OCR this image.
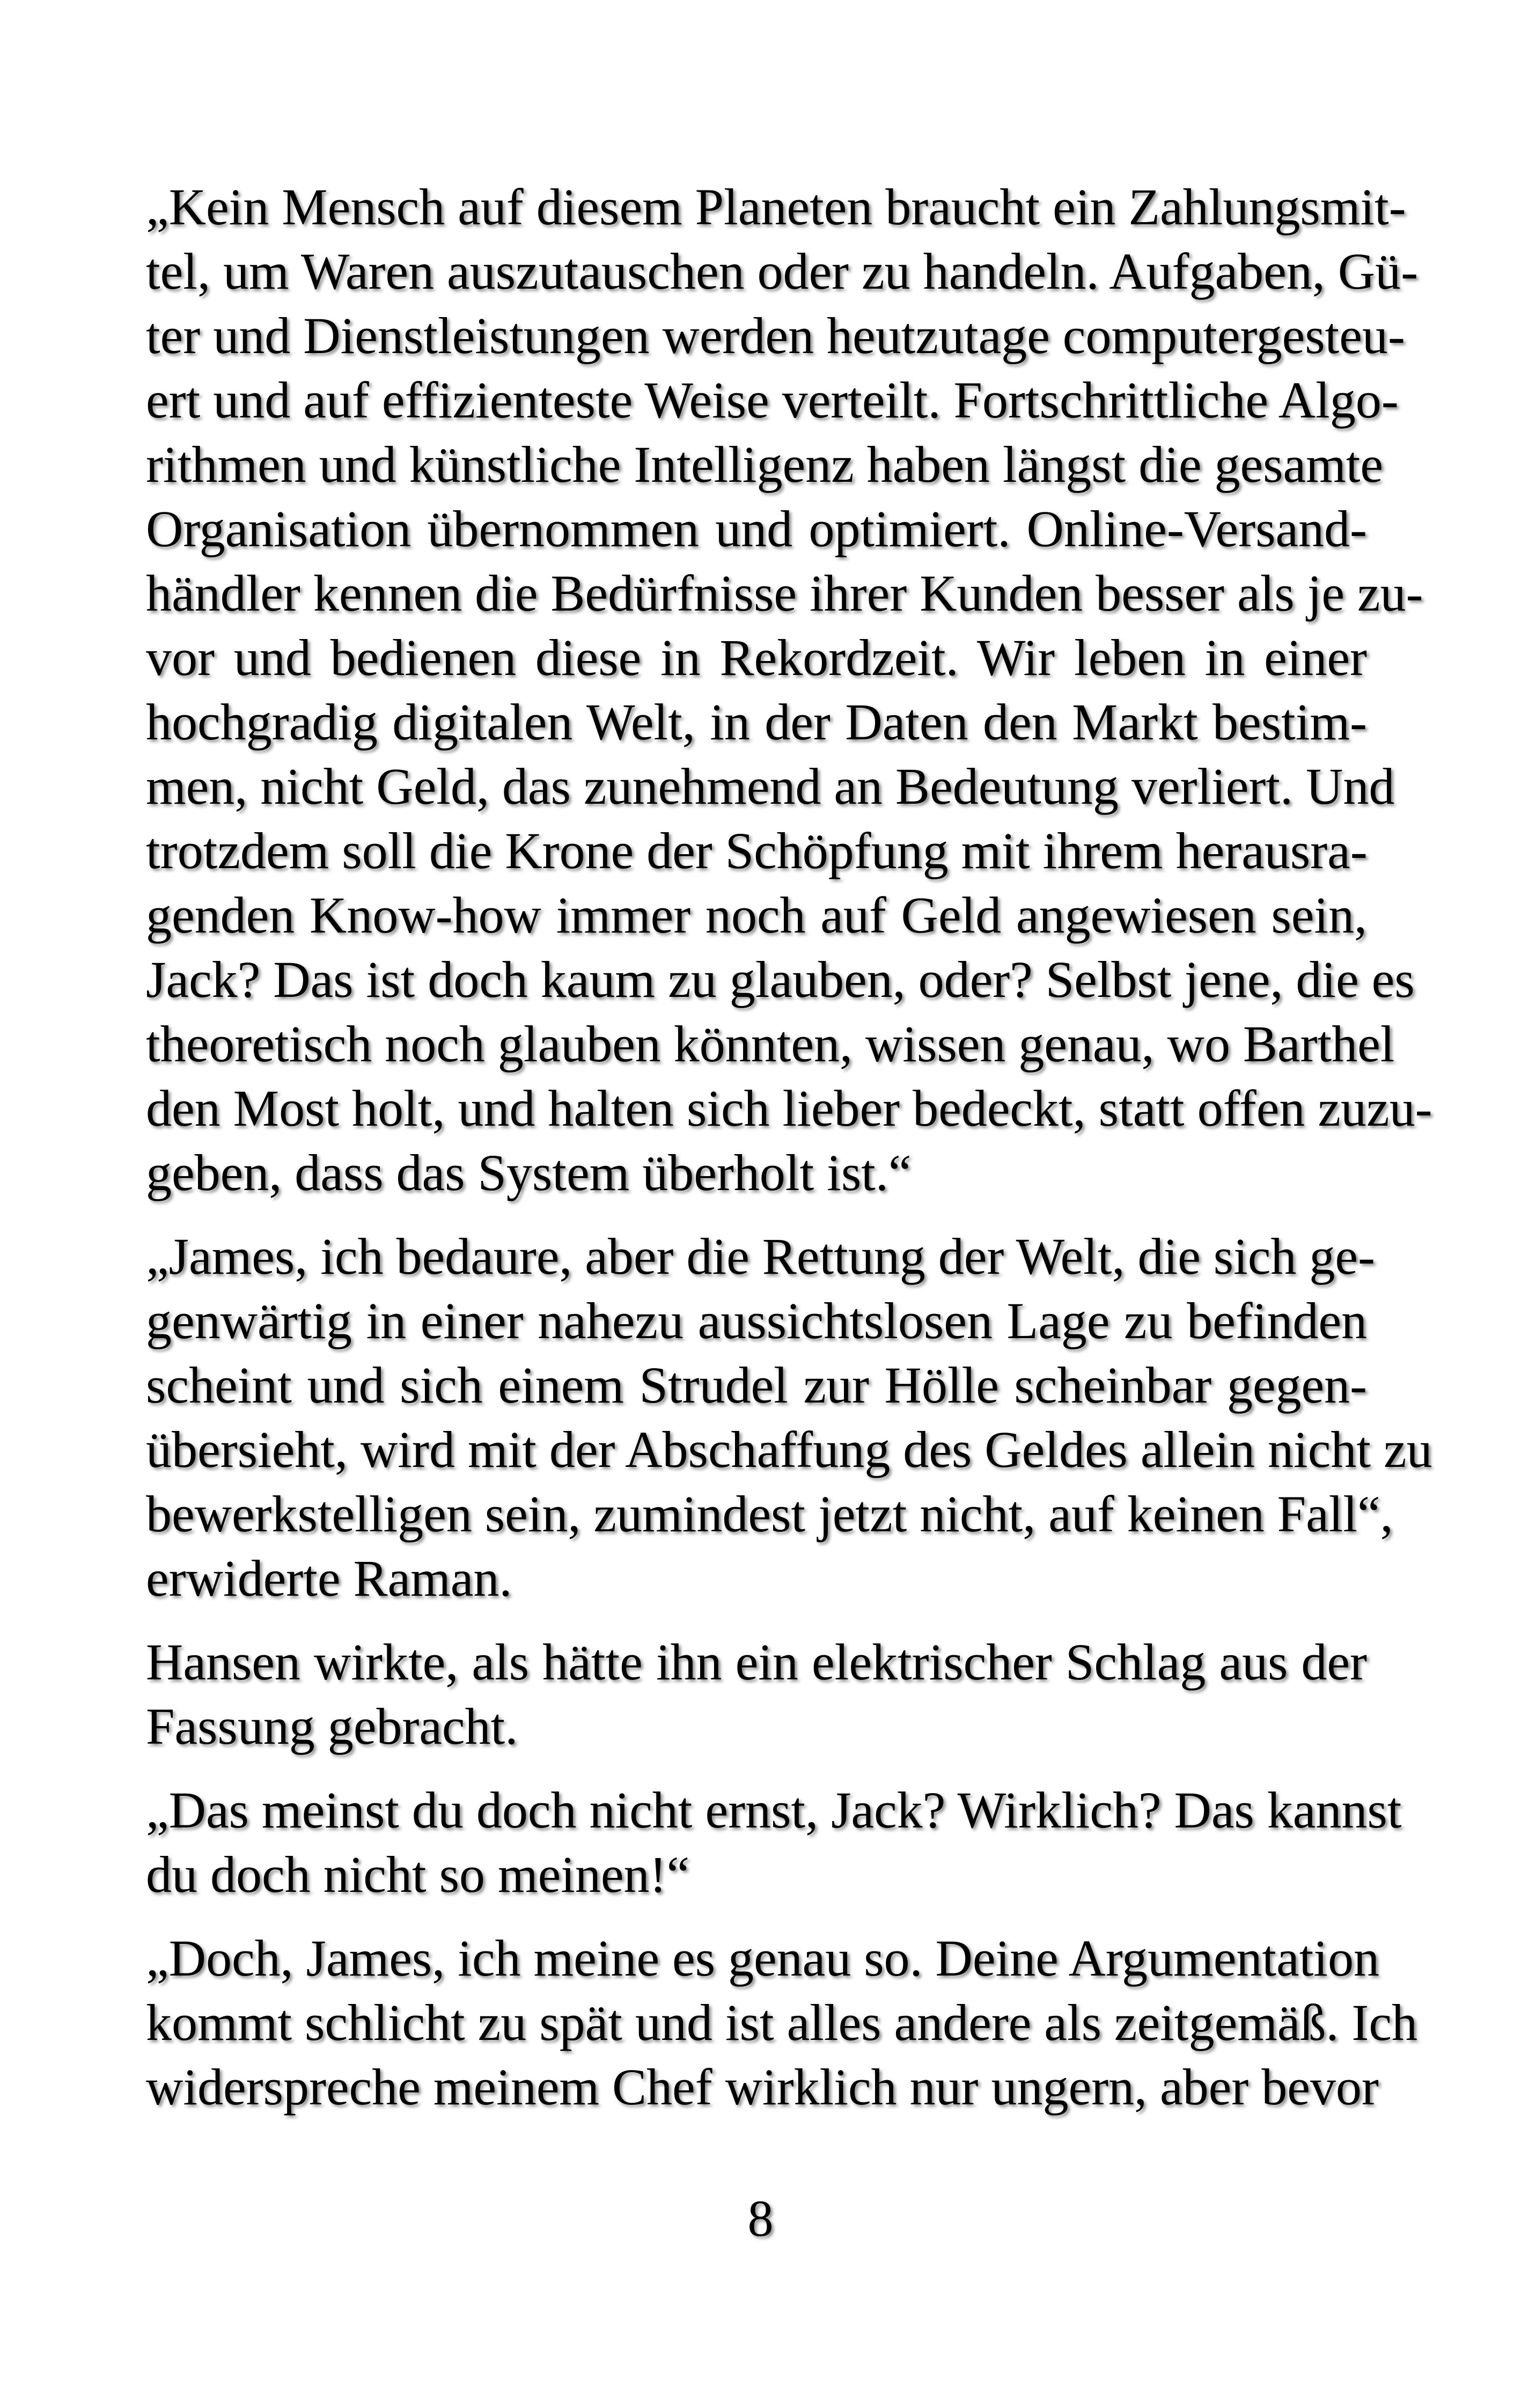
„Kein Mensch auf diesem Planeten braucht ein Zahlungsmit-
tel, um Waren auszutauschen oder zu handeln. Aufgaben, Gü-
ter und Dienstleistungen werden heutzutage computergesteu-
ert und auf effizienteste Weise verteilt. Fortschrittliche Algo-
rithmen und künstliche Intelligenz haben längst die gesamte
Organisation übernommen und optimiert. Online-Versand-
händler kennen die Bedürfnisse ihrer Kunden besser als je zu-
vor und bedienen diese in Rekordzeit. Wir leben in einer
hochgradig digitalen Welt, in der Daten den Markt bestim-
men, nicht Geld, das zunehmend an Bedeutung verliert. Und
trotzdem soll die Krone der Schöpfung mit ihrem herausra-
genden Know-how immer noch auf Geld angewiesen sein,
Jack? Das ist doch kaum zu glauben, oder? Selbst jene, die es
theoretisch noch glauben könnten, wissen genau, wo Barthel
den Most holt, und halten sich lieber bedeckt, statt offen zuzu-
geben, dass das System überholt ist.“
„James, ich bedaure, aber die Rettung der Welt, die sich ge-
genwärtig in einer nahezu aussichtslosen Lage zu befinden
scheint und sich einem Strudel zur Hölle scheinbar gegen-
übersieht, wird mit der Abschaffung des Geldes allein nicht zu
bewerkstelligen sein, zumindest jetzt nicht, auf keinen Fall“,
erwiderte Raman.
Hansen wirkte, als hätte ihn ein elektrischer Schlag aus der
Fassung gebracht.
„Das meinst du doch nicht ernst, Jack? Wirklich? Das kannst
du doch nicht so meinen!“
„Doch, James, ich meine es genau so. Deine Argumentation
kommt schlicht zu spät und ist alles andere als zeitgemäß. Ich
widerspreche meinem Chef wirklich nur ungern, aber bevor
8
